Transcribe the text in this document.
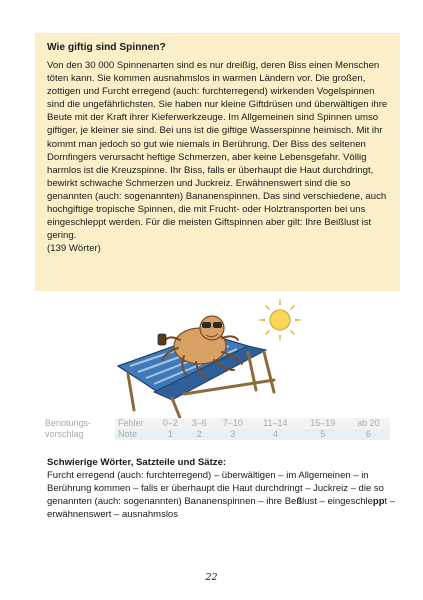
Wie giftig sind Spinnen?

Von den 30 000 Spinnenarten sind es nur dreißig, deren Biss einen Menschen töten kann. Sie kommen ausnahmslos in warmen Ländern vor. Die großen, zottigen und Furcht erregend (auch: furchterregend) wirkenden Vogelspinnen sind die ungefährlichsten. Sie haben nur kleine Giftdrüsen und überwältigen ihre Beute mit der Kraft ihrer Kieferwerkzeuge. Im Allgemeinen sind Spinnen umso giftiger, je kleiner sie sind. Bei uns ist die giftige Wasserspinne heimisch. Mit ihr kommt man jedoch so gut wie niemals in Berührung. Der Biss des seltenen Dornfingers verursacht heftige Schmerzen, aber keine Lebensgefahr. Völlig harmlos ist die Kreuzspinne. Ihr Biss, falls er überhaupt die Haut durchdringt, bewirkt schwache Schmerzen und Juckreiz. Erwähnenswert sind die so genannten (auch: sogenannten) Bananenspinnen. Das sind verschiedene, auch hochgiftige tropische Spinnen, die mit Frucht- oder Holztransporten bei uns eingeschleppt werden. Für die meisten Giftspinnen aber gilt: Ihre Beißlust ist gering.
(139 Wörter)

Benotungs-
vorschlag
Fehler	0–2	3–6	7–10	11–14	15–19	ab 20
Note	1	2	3	4	5	6
Schwierige Wörter, Satzteile und Sätze:

Furcht erregend (auch: furchterregend) – überwältigen – im Allgemeinen – in Berührung kommen – falls er überhaupt die Haut durchdringt – Juckreiz – die so genannten (auch: sogenannten) Bananenspinnen – ihre Beßlust – eingeschleppt – erwähnenswert – ausnahmslos

22
